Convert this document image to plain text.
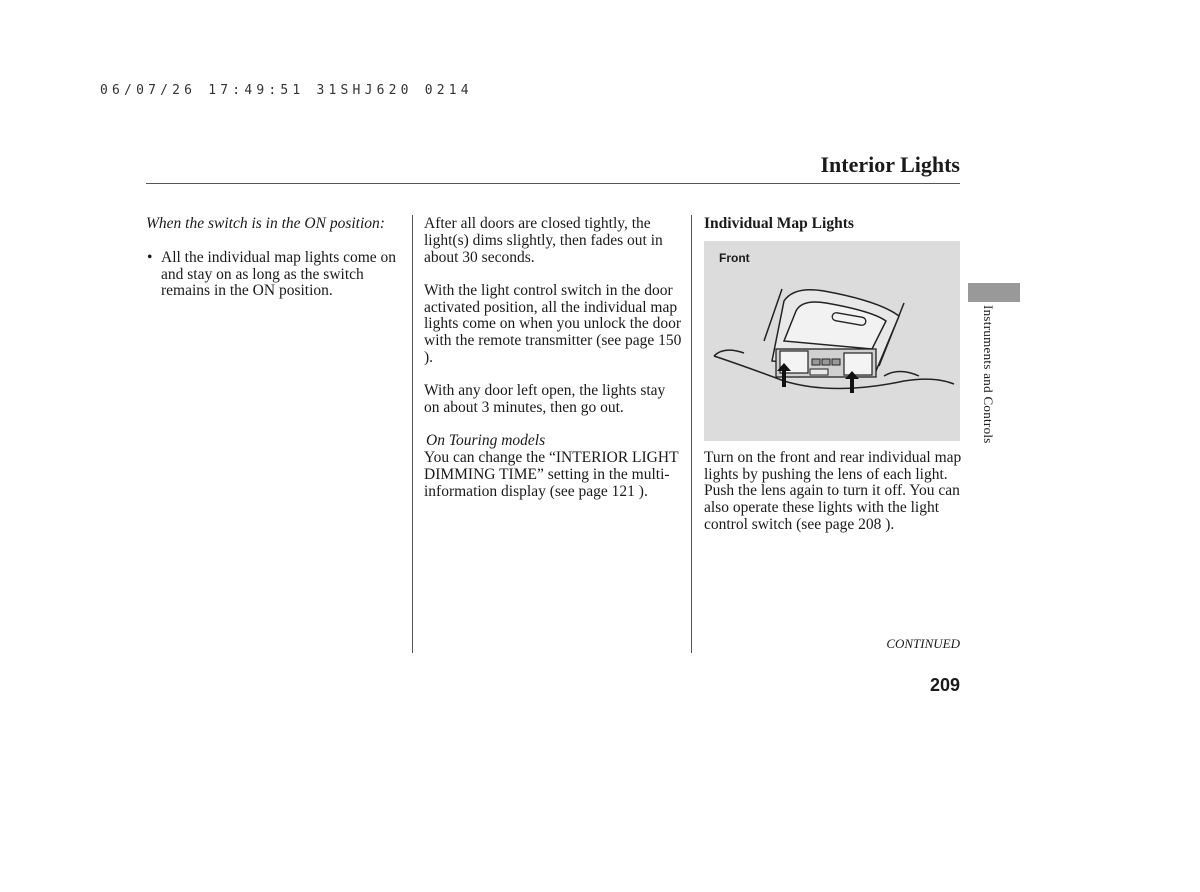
06/07/26 17:49:51 31SHJ620 0214
Interior Lights

When the switch is in the ON position:

• All the individual map lights come on and stay on as long as the switch remains in the ON position.

After all doors are closed tightly, the light(s) dims slightly, then fades out in about 30 seconds.

With the light control switch in the door activated position, all the individual map lights come on when you unlock the door with the remote transmitter (see page 150 ).

With any door left open, the lights stay on about 3 minutes, then go out.

On Touring models

You can change the “INTERIOR LIGHT DIMMING TIME” setting in the multi-information display (see page 121 ).

Individual Map Lights
Front

Turn on the front and rear individual map lights by pushing the lens of each light. Push the lens again to turn it off. You can also operate these lights with the light control switch (see page 208 ).

Instruments and Controls
CONTINUED
209
